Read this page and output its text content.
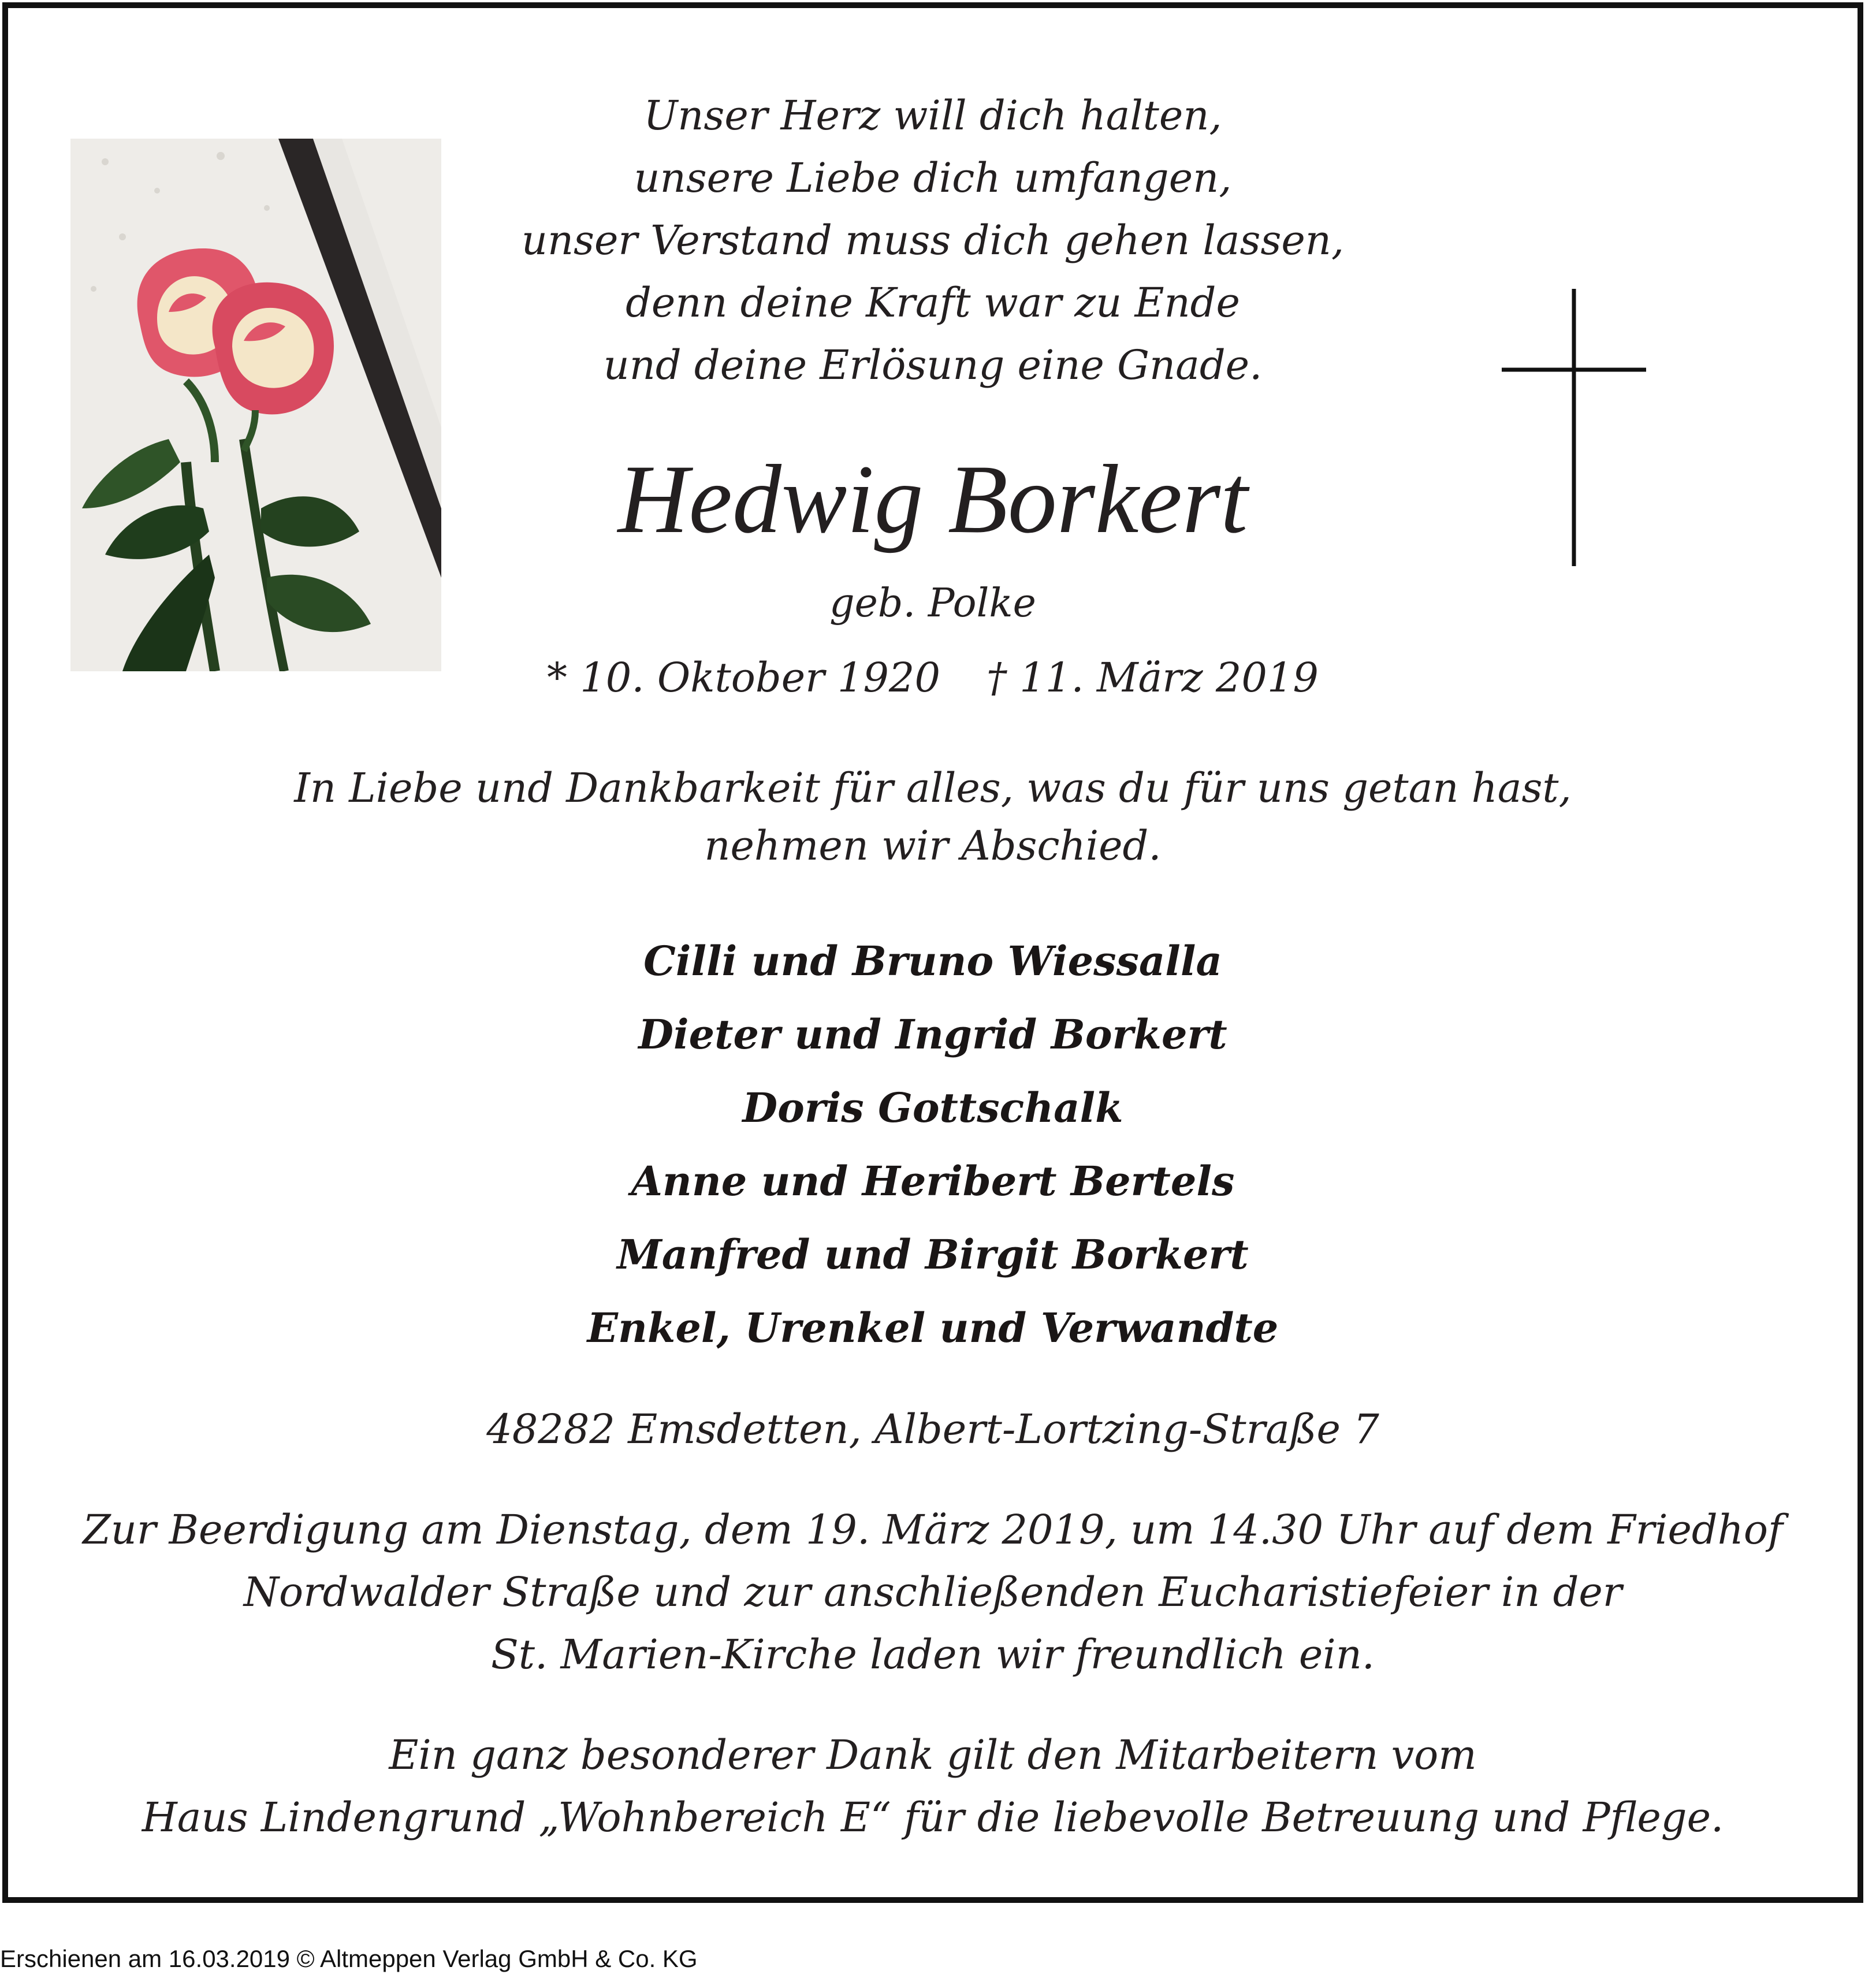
Unser Herz will dich halten,
unsere Liebe dich umfangen,
unser Verstand muss dich gehen lassen,
denn deine Kraft war zu Ende
und deine Erlösung eine Gnade.
Hedwig Borkert
geb. Polke
* 10. Oktober 1920 † 11. März 2019
In Liebe und Dankbarkeit für alles, was du für uns getan hast,
nehmen wir Abschied.
Cilli und Bruno Wiessalla
Dieter und Ingrid Borkert
Doris Gottschalk
Anne und Heribert Bertels
Manfred und Birgit Borkert
Enkel, Urenkel und Verwandte
48282 Emsdetten, Albert-Lortzing-Straße 7
Zur Beerdigung am Dienstag, dem 19. März 2019, um 14.30 Uhr auf dem Friedhof
Nordwalder Straße und zur anschließenden Eucharistiefeier in der
St. Marien-Kirche laden wir freundlich ein.
Ein ganz besonderer Dank gilt den Mitarbeitern vom
Haus Lindengrund „Wohnbereich E“ für die liebevolle Betreuung und Pflege.
Erschienen am 16.03.2019 © Altmeppen Verlag GmbH & Co. KG
